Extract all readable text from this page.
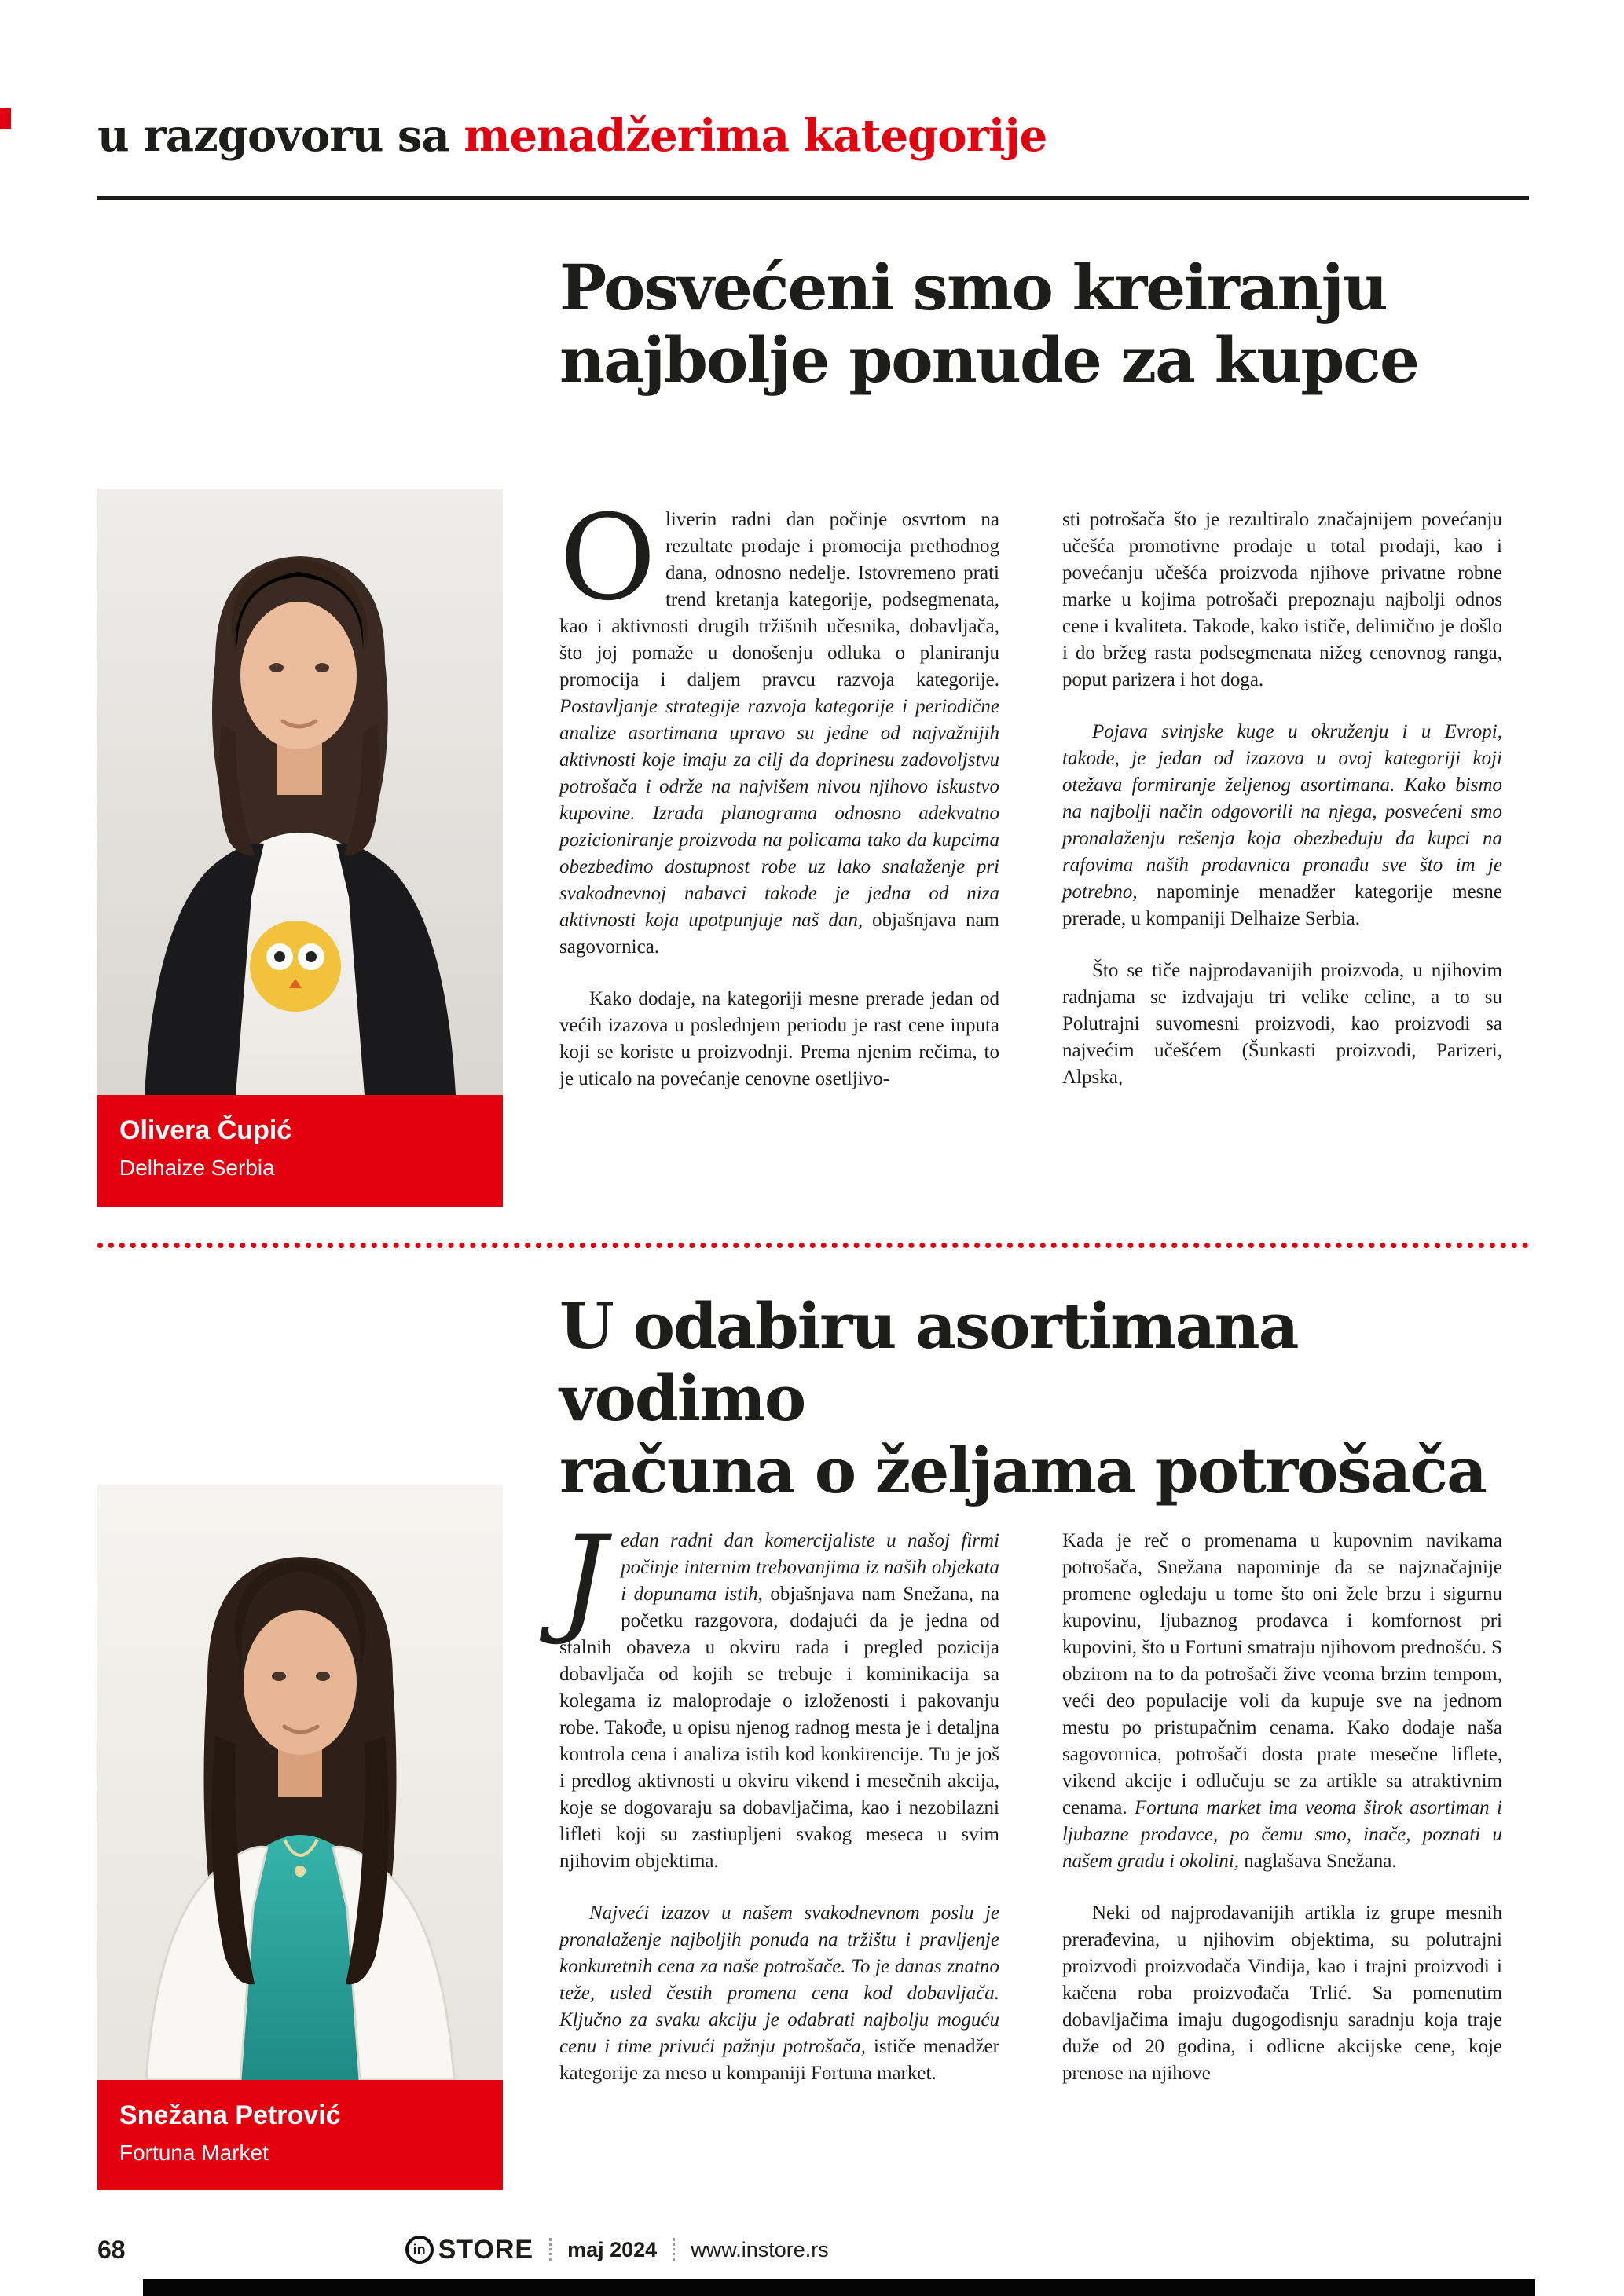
u razgovoru sa menadžerima kategorije
Posvećeni smo kreiranju
najbolje ponude za kupce

Olivera Čupić

Delhaize Serbia

Oliverin radni dan počinje osvrtom na rezultate prodaje i promocija prethodnog dana, odnosno nedelje. Istovremeno prati trend kretanja kategorije, podsegmenata, kao i aktivnosti drugih tržišnih učesnika, dobavljača, što joj pomaže u donošenju odluka o planiranju promocija i daljem pravcu razvoja kategorije. Postavljanje strategije razvoja kategorije i periodične analize asortimana upravo su jedne od najvažnijih aktivnosti koje imaju za cilj da doprinesu zadovoljstvu potrošača i održe na najvišem nivou njihovo iskustvo kupovine. Izrada planograma odnosno adekvatno pozicioniranje proizvoda na policama tako da kupcima obezbedimo dostupnost robe uz lako snalaženje pri svakodnevnoj nabavci takođe je jedna od niza aktivnosti koja upotpunjuje naš dan, objašnjava nam sagovornica.

Kako dodaje, na kategoriji mesne prerade jedan od većih izazova u poslednjem periodu je rast cene inputa koji se koriste u proizvodnji. Prema njenim rečima, to je uticalo na povećanje cenovne osetljivo-

sti potrošača što je rezultiralo značajnijem povećanju učešća promotivne prodaje u total prodaji, kao i povećanju učešća proizvoda njihove privatne robne marke u kojima potrošači prepoznaju najbolji odnos cene i kvaliteta. Takođe, kako ističe, delimično je došlo i do bržeg rasta podsegmenata nižeg cenovnog ranga, poput parizera i hot doga.

Pojava svinjske kuge u okruženju i u Evropi, takođe, je jedan od izazova u ovoj kategoriji koji otežava formiranje željenog asortimana. Kako bismo na najbolji način odgovorili na njega, posvećeni smo pronalaženju rešenja koja obezbeđuju da kupci na rafovima naših prodavnica pronađu sve što im je potrebno, napominje menadžer kategorije mesne prerade, u kompaniji Delhaize Serbia.

Što se tiče najprodavanijih proizvoda, u njihovim radnjama se izdvajaju tri velike celine, a to su Polutrajni suvomesni proizvodi, kao proizvodi sa najvećim učešćem (Šunkasti proizvodi, Parizeri, Alpska,

U odabiru asortimana vodimo
računa o željama potrošača

Snežana Petrović

Fortuna Market

Jedan radni dan komercijaliste u našoj firmi počinje internim trebovanjima iz naših objekata i dopunama istih, objašnjava nam Snežana, na početku razgovora, dodajući da je jedna od stalnih obaveza u okviru rada i pregled pozicija dobavljača od kojih se trebuje i kominikacija sa kolegama iz maloprodaje o izloženosti i pakovanju robe. Takođe, u opisu njenog radnog mesta je i detaljna kontrola cena i analiza istih kod konkirencije. Tu je još i predlog aktivnosti u okviru vikend i mesečnih akcija, koje se dogovaraju sa dobavljačima, kao i nezobilazni lifleti koji su zastiupljeni svakog meseca u svim njihovim objektima.

Najveći izazov u našem svakodnevnom poslu je pronalaženje najboljih ponuda na tržištu i pravljenje konkuretnih cena za naše potrošače. To je danas znatno teže, usled čestih promena cena kod dobavljača. Ključno za svaku akciju je odabrati najbolju moguću cenu i time privući pažnju potrošača, ističe menadžer kategorije za meso u kompaniji Fortuna market.

Kada je reč o promenama u kupovnim navikama potrošača, Snežana napominje da se najznačajnije promene ogledaju u tome što oni žele brzu i sigurnu kupovinu, ljubaznog prodavca i komfornost pri kupovini, što u Fortuni smatraju njihovom prednošću. S obzirom na to da potrošači žive veoma brzim tempom, veći deo populacije voli da kupuje sve na jednom mestu po pristupačnim cenama. Kako dodaje naša sagovornica, potrošači dosta prate mesečne liflete, vikend akcije i odlučuju se za artikle sa atraktivnim cenama. Fortuna market ima veoma širok asortiman i ljubazne prodavce, po čemu smo, inače, poznati u našem gradu i okolini, naglašava Snežana.

Neki od najprodavanijih artikla iz grupe mesnih prerađevina, u njihovim objektima, su polutrajni proizvodi proizvođača Vindija, kao i trajni proizvodi i kačena roba proizvođača Trlić. Sa pomenutim dobavljačima imaju dugogodisnju saradnju koja traje duže od 20 godina, i odlicne akcijske cene, koje prenose na njihove

68	in STORE maj 2024 www.instore.rs
